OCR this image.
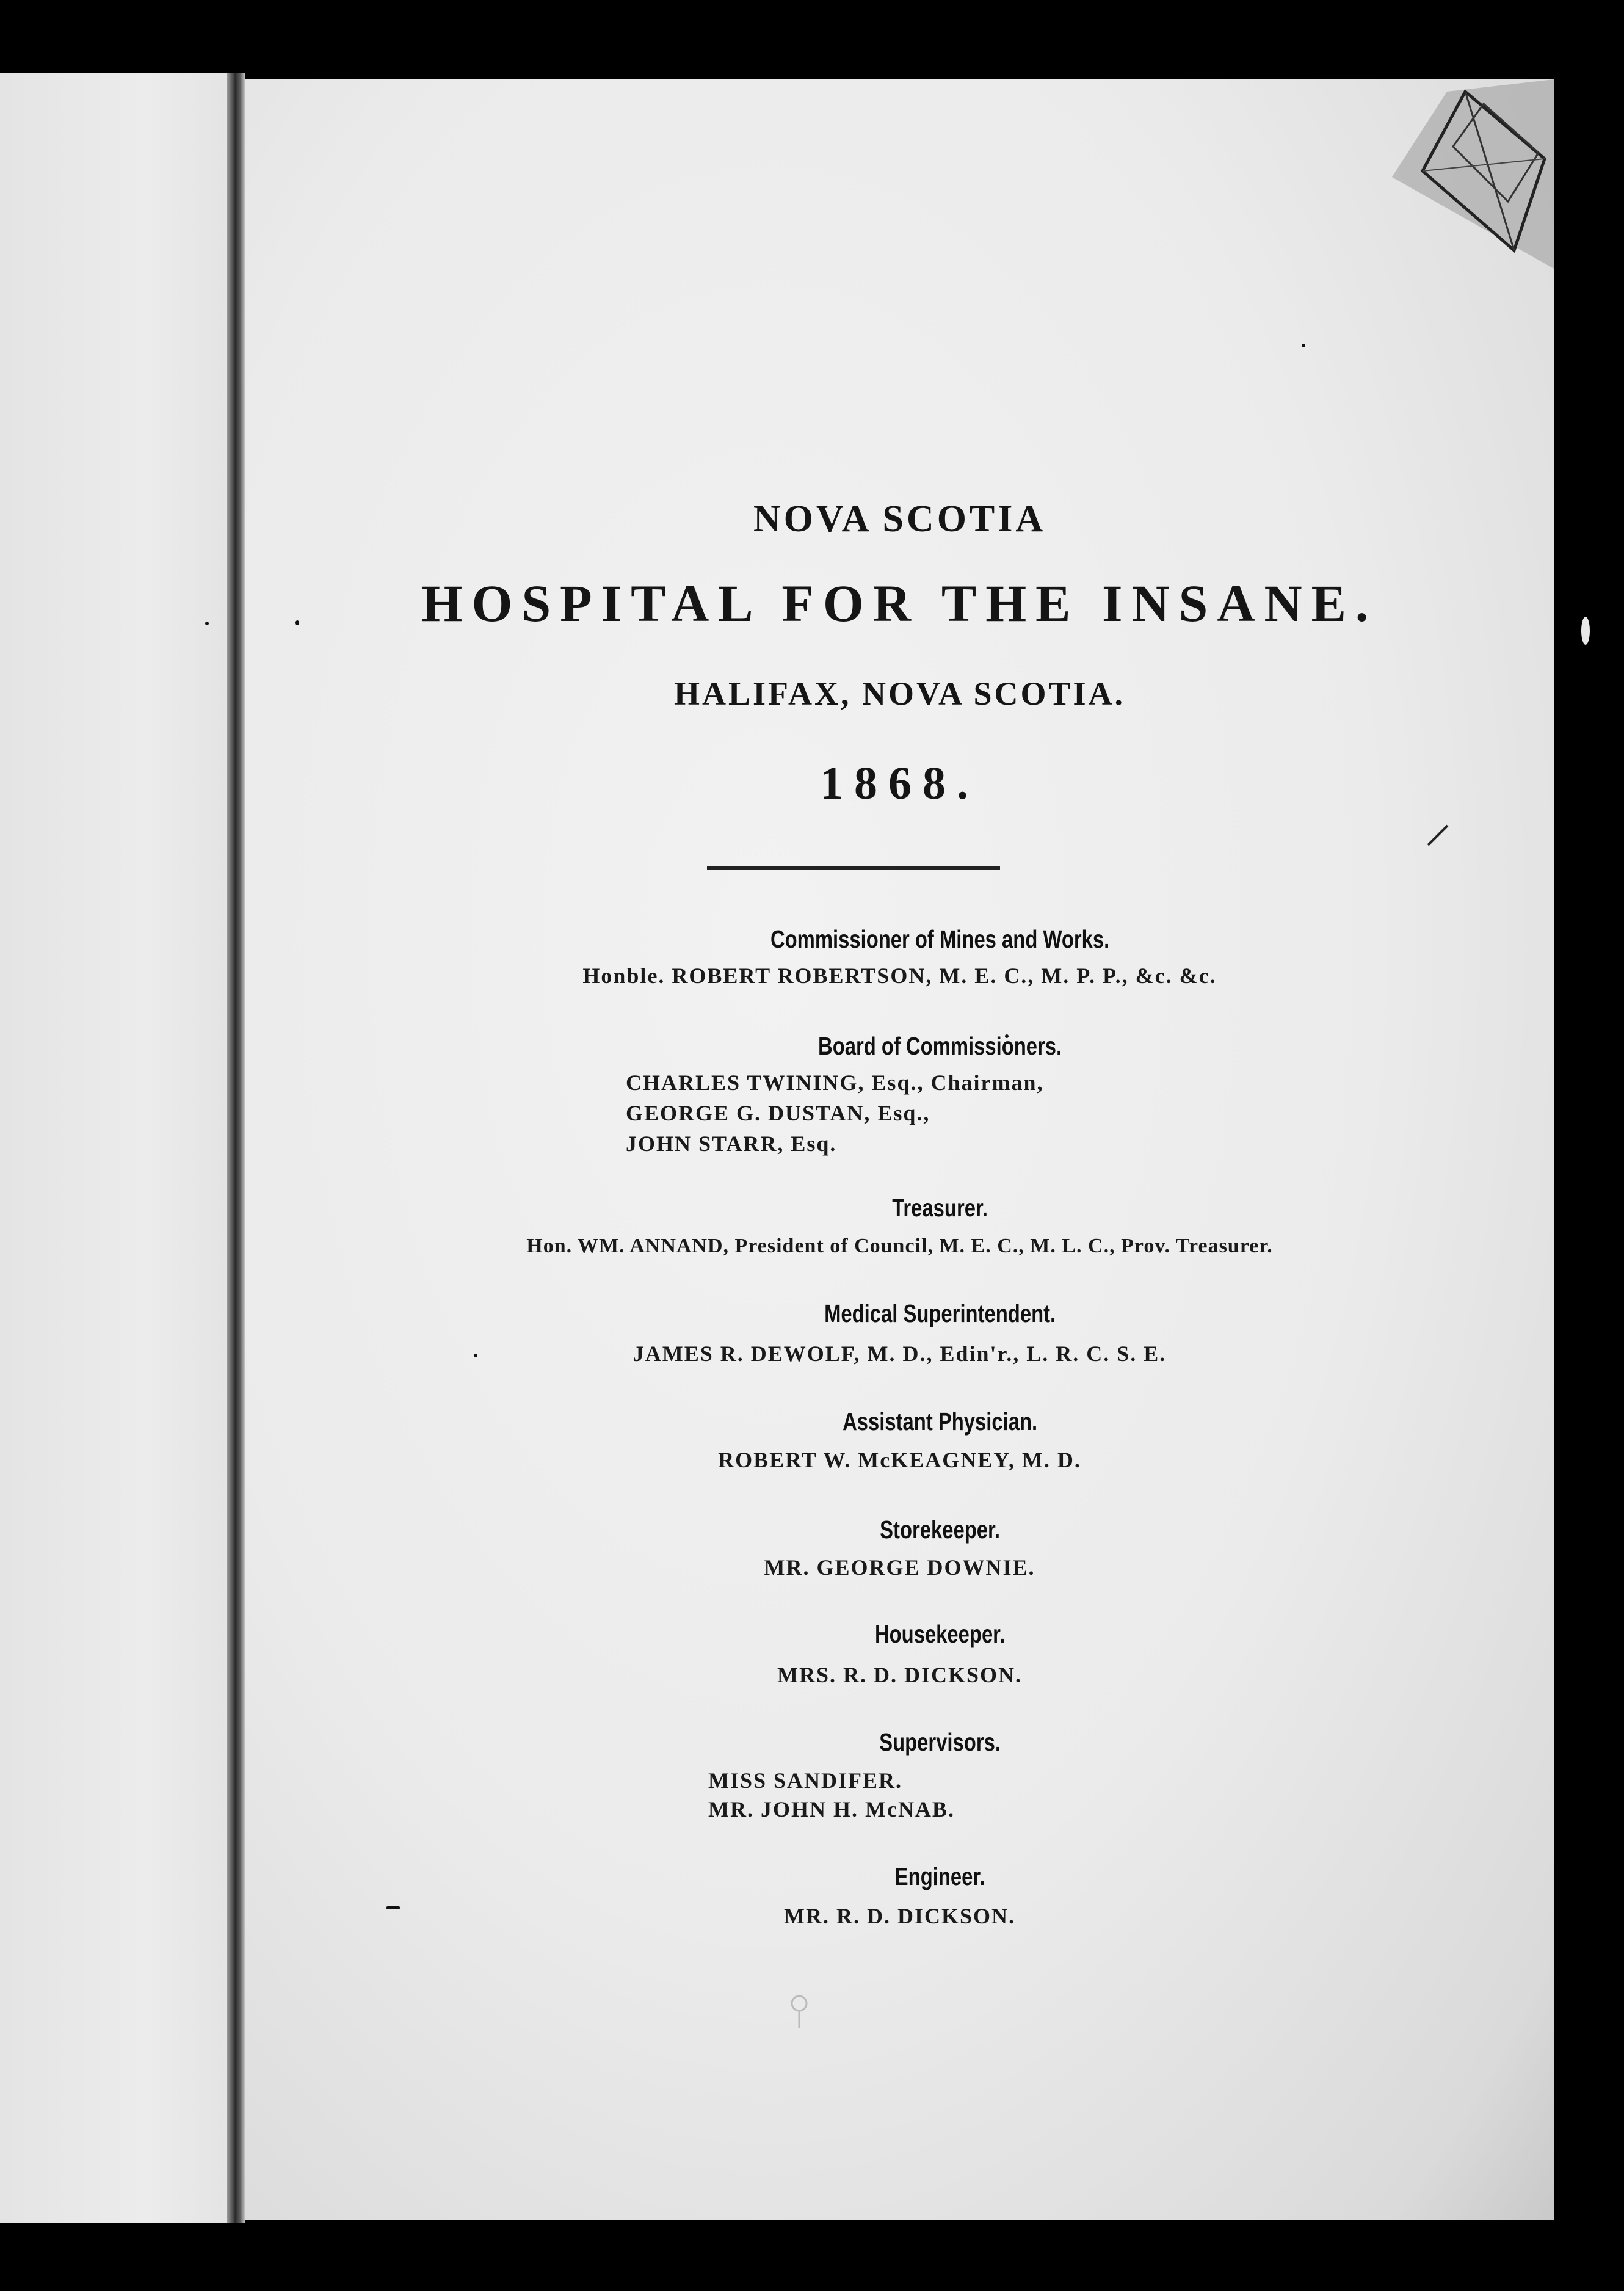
NOVA SCOTIA
HOSPITAL FOR THE INSANE.
HALIFAX, NOVA SCOTIA.
1868.
Commissioner of Mines and Works.
Honble. ROBERT ROBERTSON, M. E. C., M. P. P., &c. &c.
Board of Commissioners.
CHARLES TWINING, Esq., Chairman,
GEORGE G. DUSTAN, Esq.,
JOHN STARR, Esq.
Treasurer.
Hon. WM. ANNAND, President of Council, M. E. C., M. L. C., Prov. Treasurer.
Medical Superintendent.
JAMES R. DEWOLF, M. D., Edin'r., L. R. C. S. E.
Assistant Physician.
ROBERT W. McKEAGNEY, M. D.
Storekeeper.
MR. GEORGE DOWNIE.
Housekeeper.
MRS. R. D. DICKSON.
Supervisors.
MISS SANDIFER.
MR. JOHN H. McNAB.
Engineer.
MR. R. D. DICKSON.
